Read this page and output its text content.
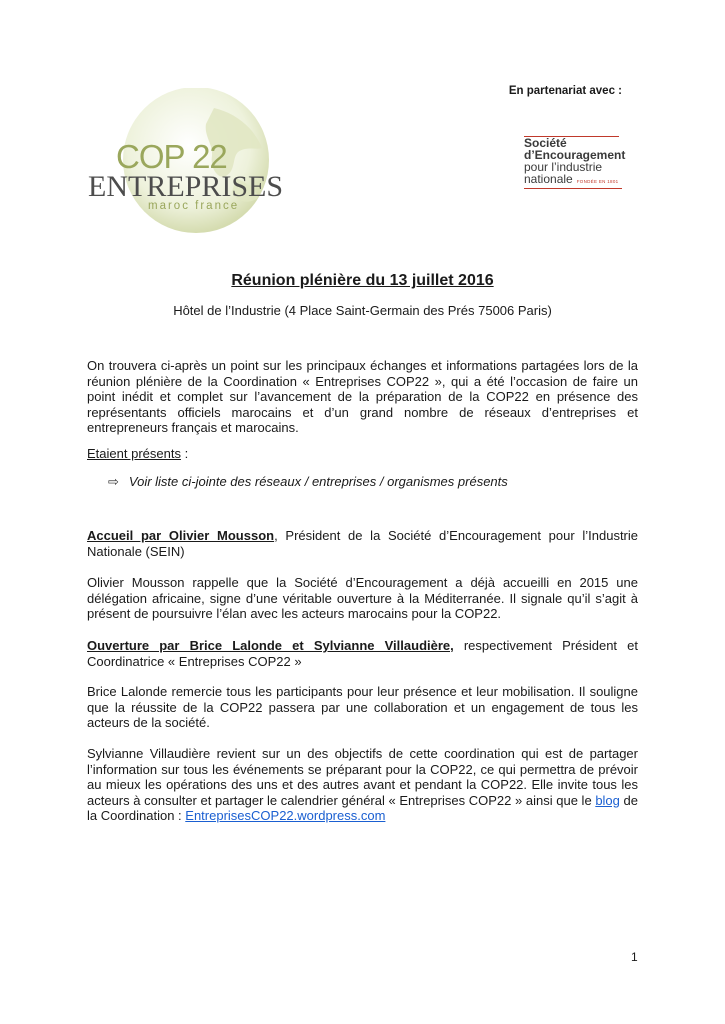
En partenariat avec :
COP 22
ENTREPRISES
maroc france
Société
d’Encouragement
pour l’industrie
nationale FONDÉE EN 1801
Réunion plénière du 13 juillet 2016
Hôtel de l’Industrie (4 Place Saint-Germain des Prés 75006 Paris)
On trouvera ci-après un point sur les principaux échanges et informations partagées lors de la réunion plénière de la Coordination « Entreprises COP22 », qui a été l’occasion de faire un point inédit et complet sur l’avancement de la préparation de la COP22 en présence des représentants officiels marocains et d’un grand nombre de réseaux d’entreprises et entrepreneurs français et marocains.
Etaient présents :
⇨ Voir liste ci-jointe des réseaux / entreprises / organismes présents
Accueil par Olivier Mousson, Président de la Société d’Encouragement pour l’Industrie Nationale (SEIN)
Olivier Mousson rappelle que la Société d’Encouragement a déjà accueilli en 2015 une délégation africaine, signe d’une véritable ouverture à la Méditerranée. Il signale qu’il s’agit à présent de poursuivre l’élan avec les acteurs marocains pour la COP22.
Ouverture par Brice Lalonde et Sylvianne Villaudière, respectivement Président et Coordinatrice « Entreprises COP22 »
Brice Lalonde remercie tous les participants pour leur présence et leur mobilisation. Il souligne que la réussite de la COP22 passera par une collaboration et un engagement de tous les acteurs de la société.
Sylvianne Villaudière revient sur un des objectifs de cette coordination qui est de partager l’information sur tous les événements se préparant pour la COP22, ce qui permettra de prévoir au mieux les opérations des uns et des autres avant et pendant la COP22. Elle invite tous les acteurs à consulter et partager le calendrier général « Entreprises COP22 » ainsi que le blog de la Coordination : EntreprisesCOP22.wordpress.com
1
